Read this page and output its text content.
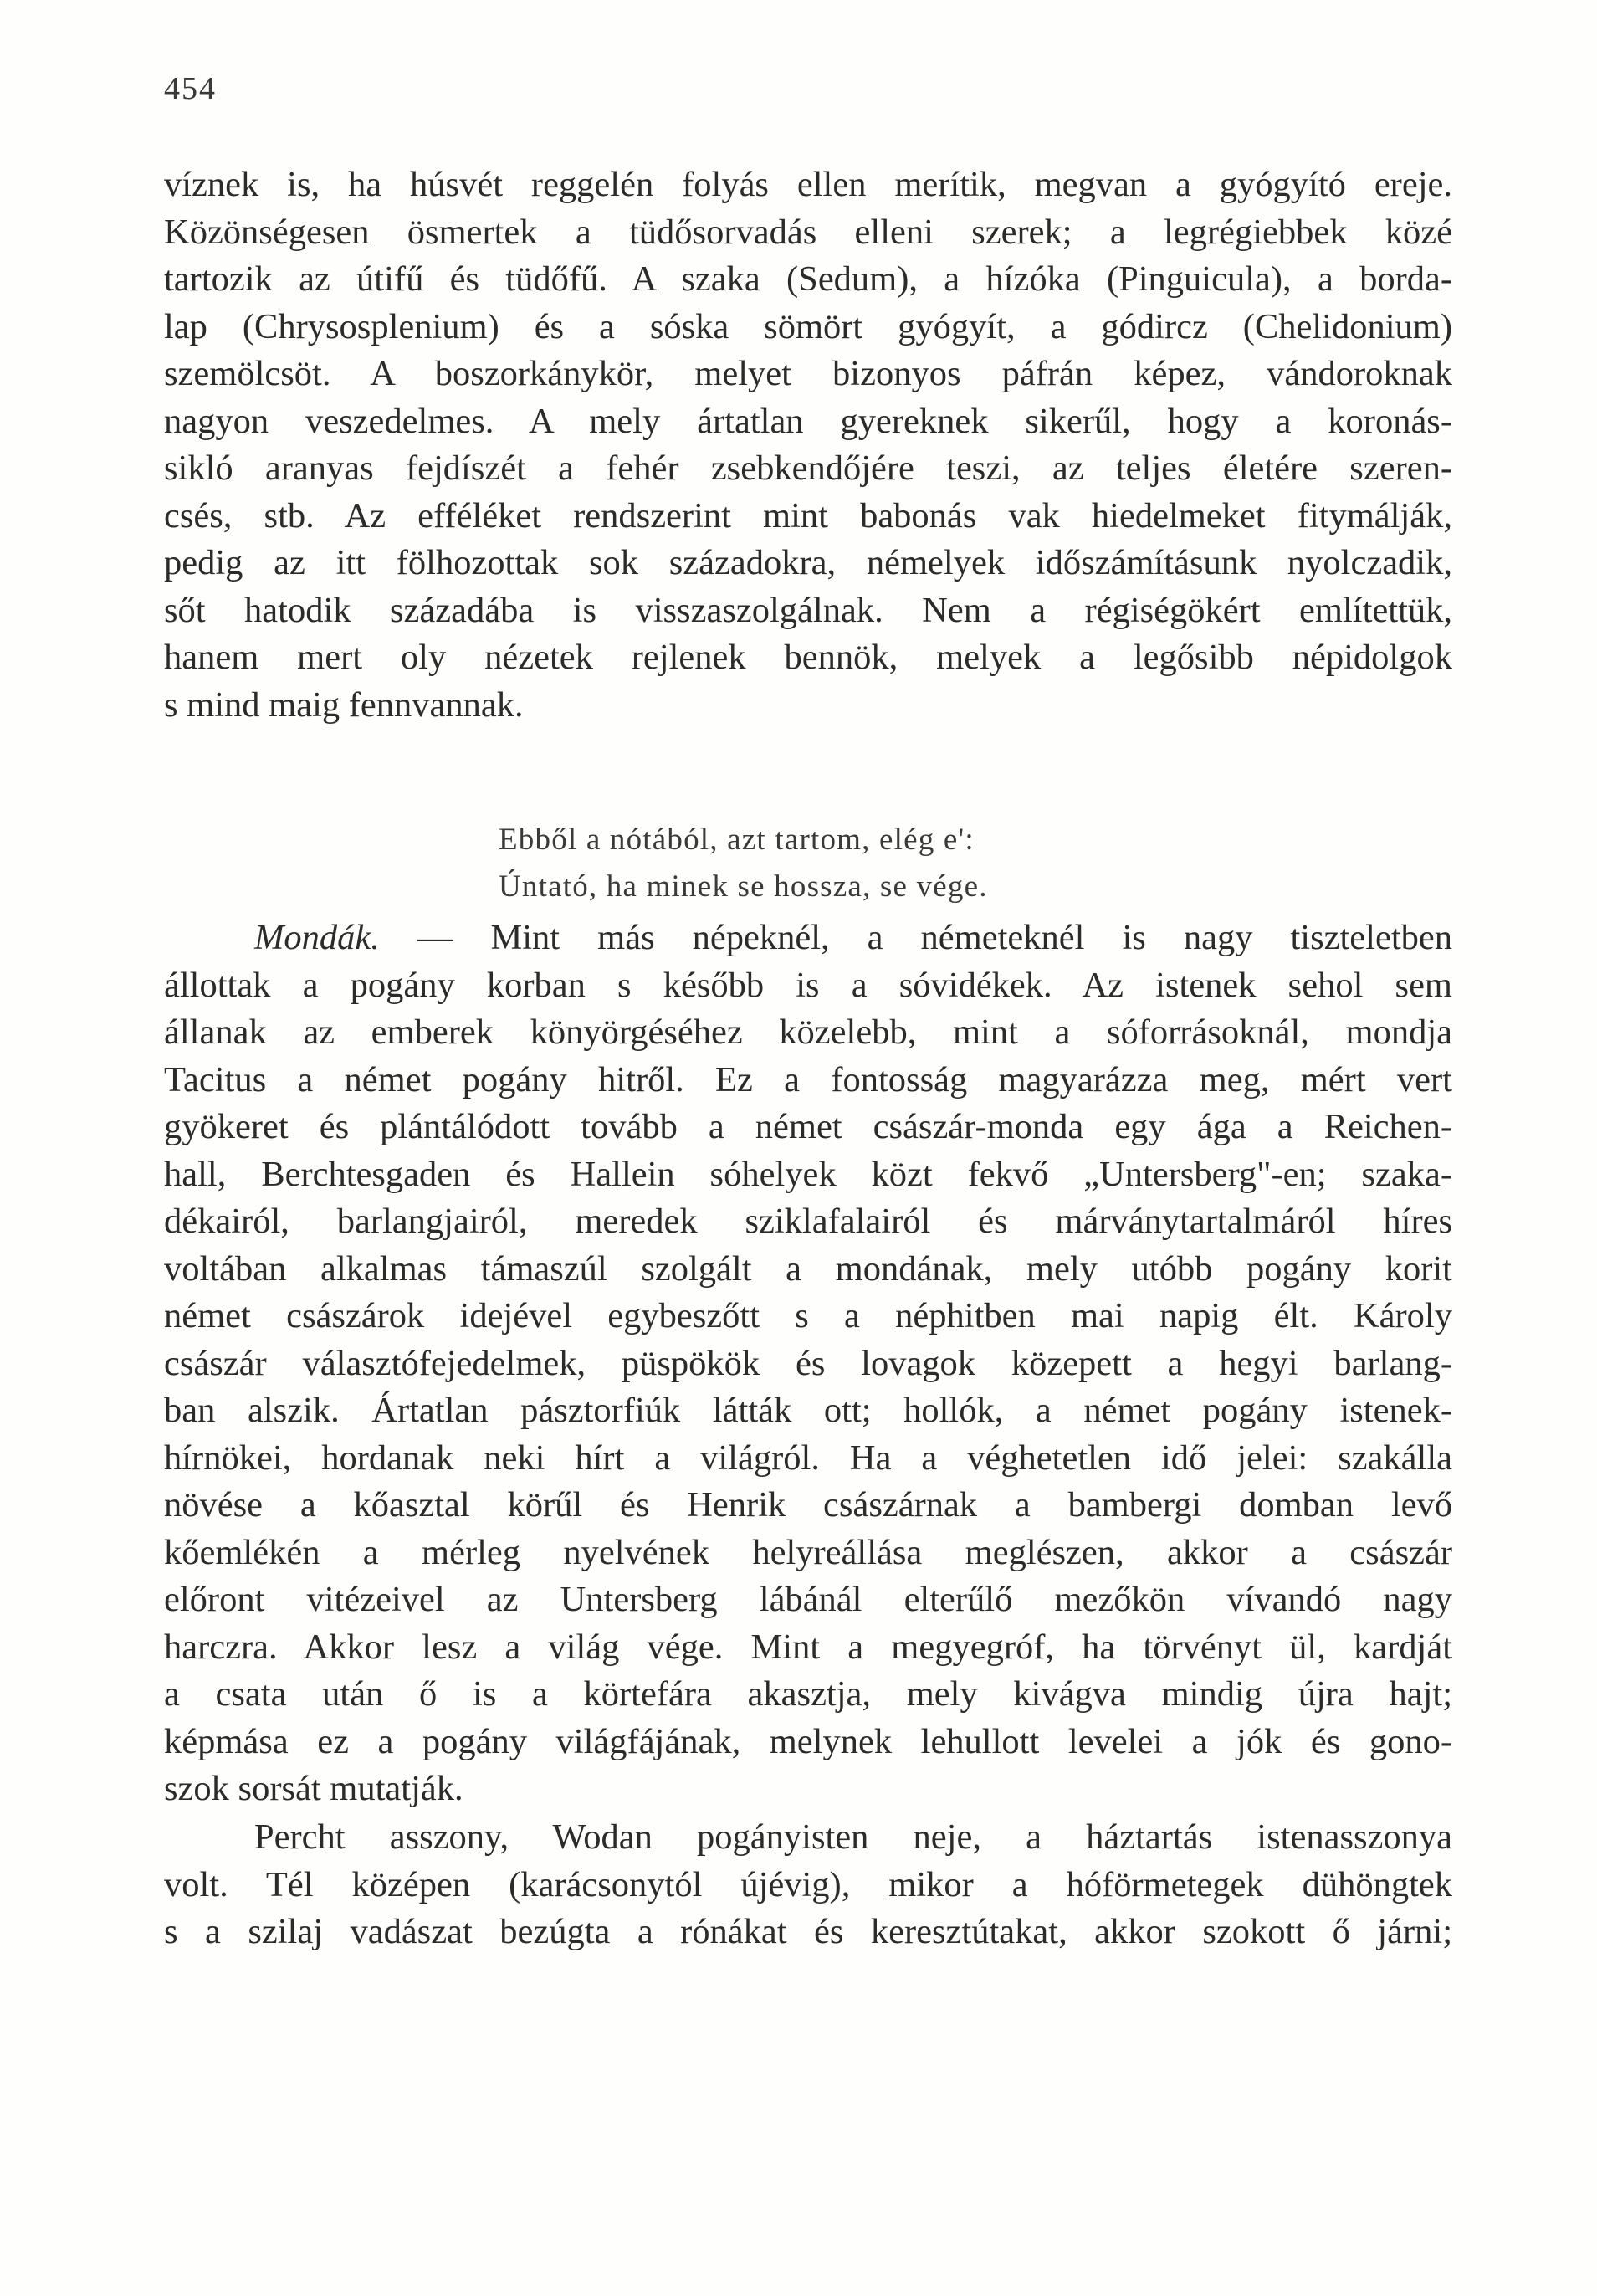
454
víznek is, ha húsvét reggelén folyás ellen merítik, megvan a gyógyító ereje.
Közönségesen ösmertek a tüdősorvadás elleni szerek; a legrégiebbek közé
tartozik az útifű és tüdőfű. A szaka (Sedum), a hízóka (Pinguicula), a borda-
lap (Chrysosplenium) és a sóska sömört gyógyít, a gódircz (Chelidonium)
szemölcsöt. A boszorkánykör, melyet bizonyos páfrán képez, vándoroknak
nagyon veszedelmes. A mely ártatlan gyereknek sikerűl, hogy a koronás-
sikló aranyas fejdíszét a fehér zsebkendőjére teszi, az teljes életére szeren-
csés, stb. Az efféléket rendszerint mint babonás vak hiedelmeket fitymálják,
pedig az itt fölhozottak sok századokra, némelyek időszámításunk nyolczadik,
sőt hatodik századába is visszaszolgálnak. Nem a régiségökért említettük,
hanem mert oly nézetek rejlenek bennök, melyek a legősibb népidolgok
s mind maig fennvannak.
Ebből a nótából, azt tartom, elég e':
Úntató, ha minek se hossza, se vége.
Mondák. — Mint más népeknél, a németeknél is nagy tiszteletben
állottak a pogány korban s később is a sóvidékek. Az istenek sehol sem
állanak az emberek könyörgéséhez közelebb, mint a sóforrásoknál, mondja
Tacitus a német pogány hitről. Ez a fontosság magyarázza meg, mért vert
gyökeret és plántálódott tovább a német császár-monda egy ága a Reichen-
hall, Berchtesgaden és Hallein sóhelyek közt fekvő „Untersberg"-en; szaka-
dékairól, barlangjairól, meredek sziklafalairól és márványtartalmáról híres
voltában alkalmas támaszúl szolgált a mondának, mely utóbb pogány korit
német császárok idejével egybeszőtt s a néphitben mai napig élt. Károly
császár választófejedelmek, püspökök és lovagok közepett a hegyi barlang-
ban alszik. Ártatlan pásztorfiúk látták ott; hollók, a német pogány istenek-
hírnökei, hordanak neki hírt a világról. Ha a véghetetlen idő jelei: szakálla
növése a kőasztal körűl és Henrik császárnak a bambergi domban levő
kőemlékén a mérleg nyelvének helyreállása meglészen, akkor a császár
előront vitézeivel az Untersberg lábánál elterűlő mezőkön vívandó nagy
harczra. Akkor lesz a világ vége. Mint a megyegróf, ha törvényt ül, kardját
a csata után ő is a körtefára akasztja, mely kivágva mindig újra hajt;
képmása ez a pogány világfájának, melynek lehullott levelei a jók és gono-
szok sorsát mutatják.
Percht asszony, Wodan pogányisten neje, a háztartás istenasszonya
volt. Tél középen (karácsonytól újévig), mikor a hóförmetegek dühöngtek
s a szilaj vadászat bezúgta a rónákat és keresztútakat, akkor szokott ő járni;
